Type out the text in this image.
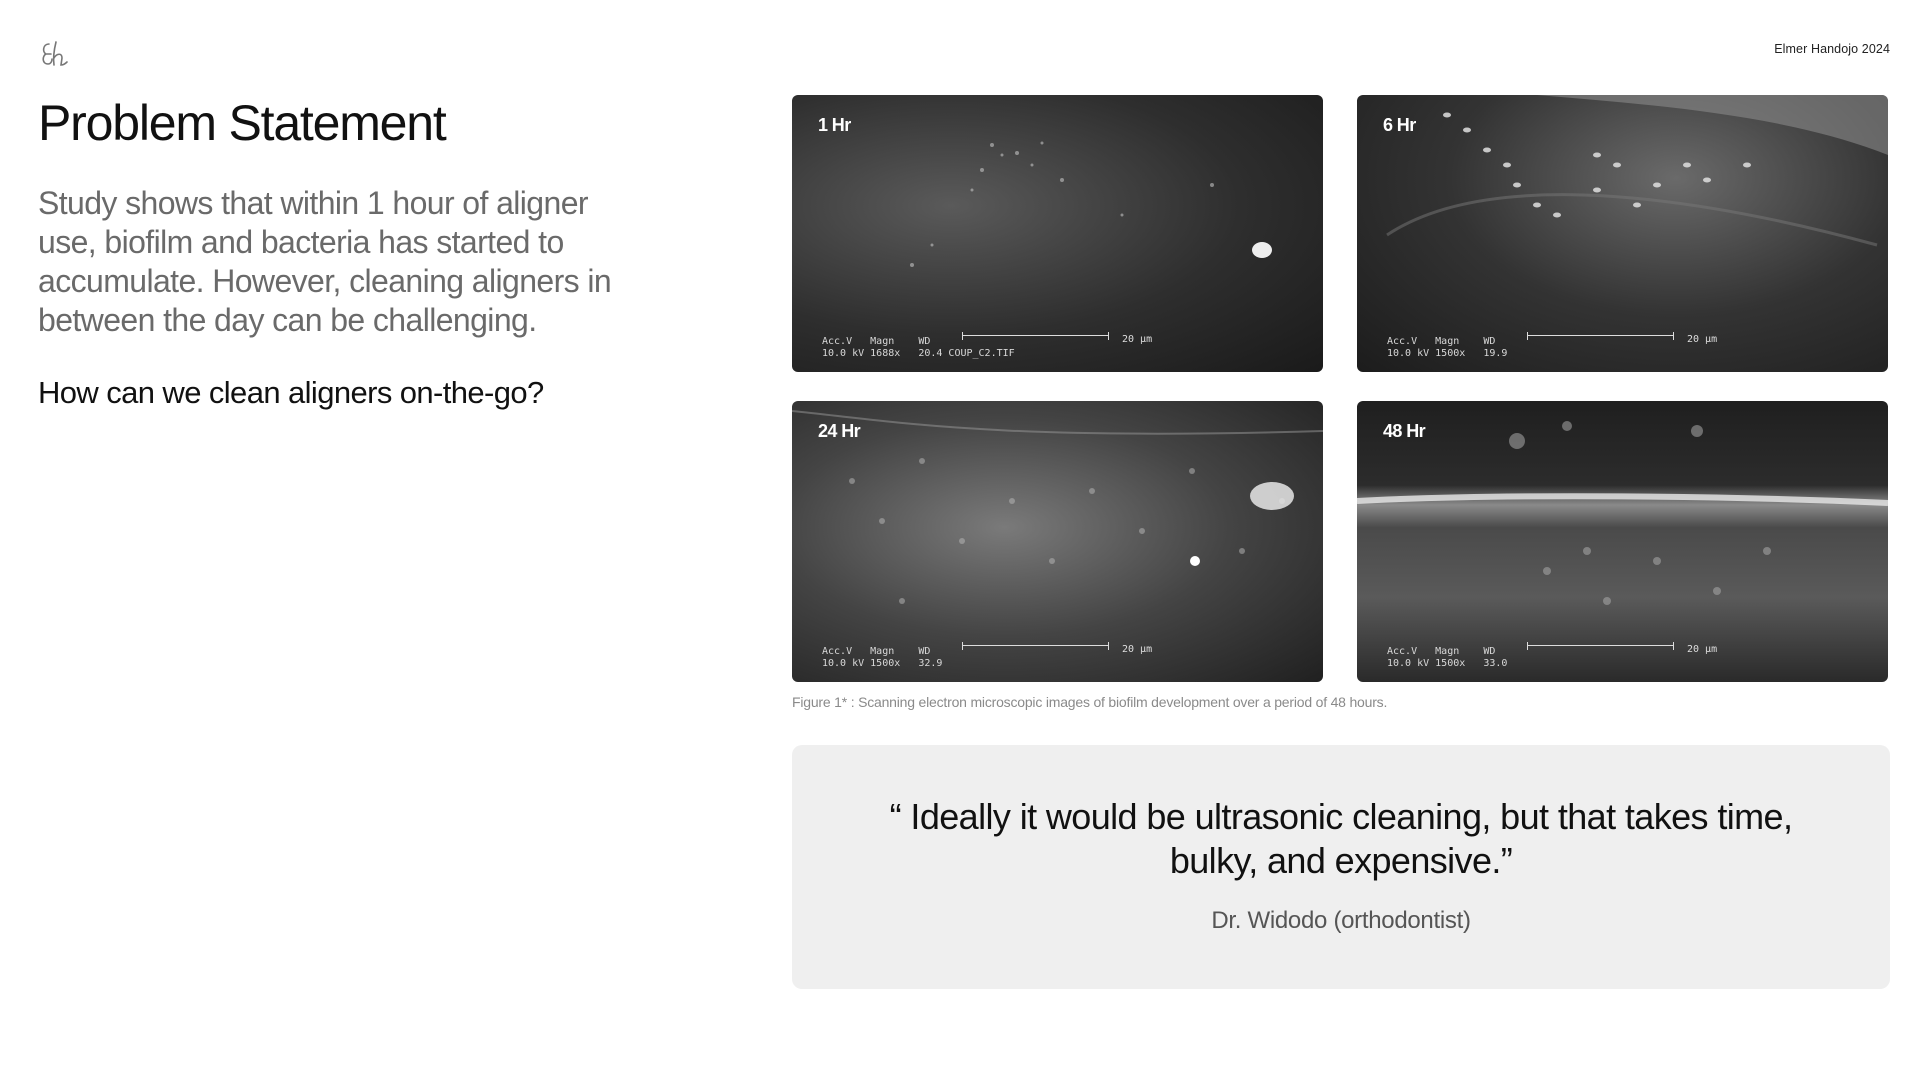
Elmer Handojo 2024
Problem Statement

Study shows that within 1 hour of aligner use, biofilm and bacteria has started to accumulate. However, cleaning aligners in between the day can be challenging.

How can we clean aligners on-the-go?

1 Hr
20 µm
Acc.V   Magn    WD
10.0 kV 1688x   20.4 COUP_C2.TIF
6 Hr
20 µm
Acc.V   Magn    WD
10.0 kV 1500x   19.9
24 Hr
20 µm
Acc.V   Magn    WD
10.0 kV 1500x   32.9
48 Hr
20 µm
Acc.V   Magn    WD
10.0 kV 1500x   33.0
Figure 1* : Scanning electron microscopic images of biofilm development over a period of 48 hours.

“ Ideally it would be ultrasonic cleaning, but that takes time, bulky, and expensive.”

Dr. Widodo (orthodontist)
